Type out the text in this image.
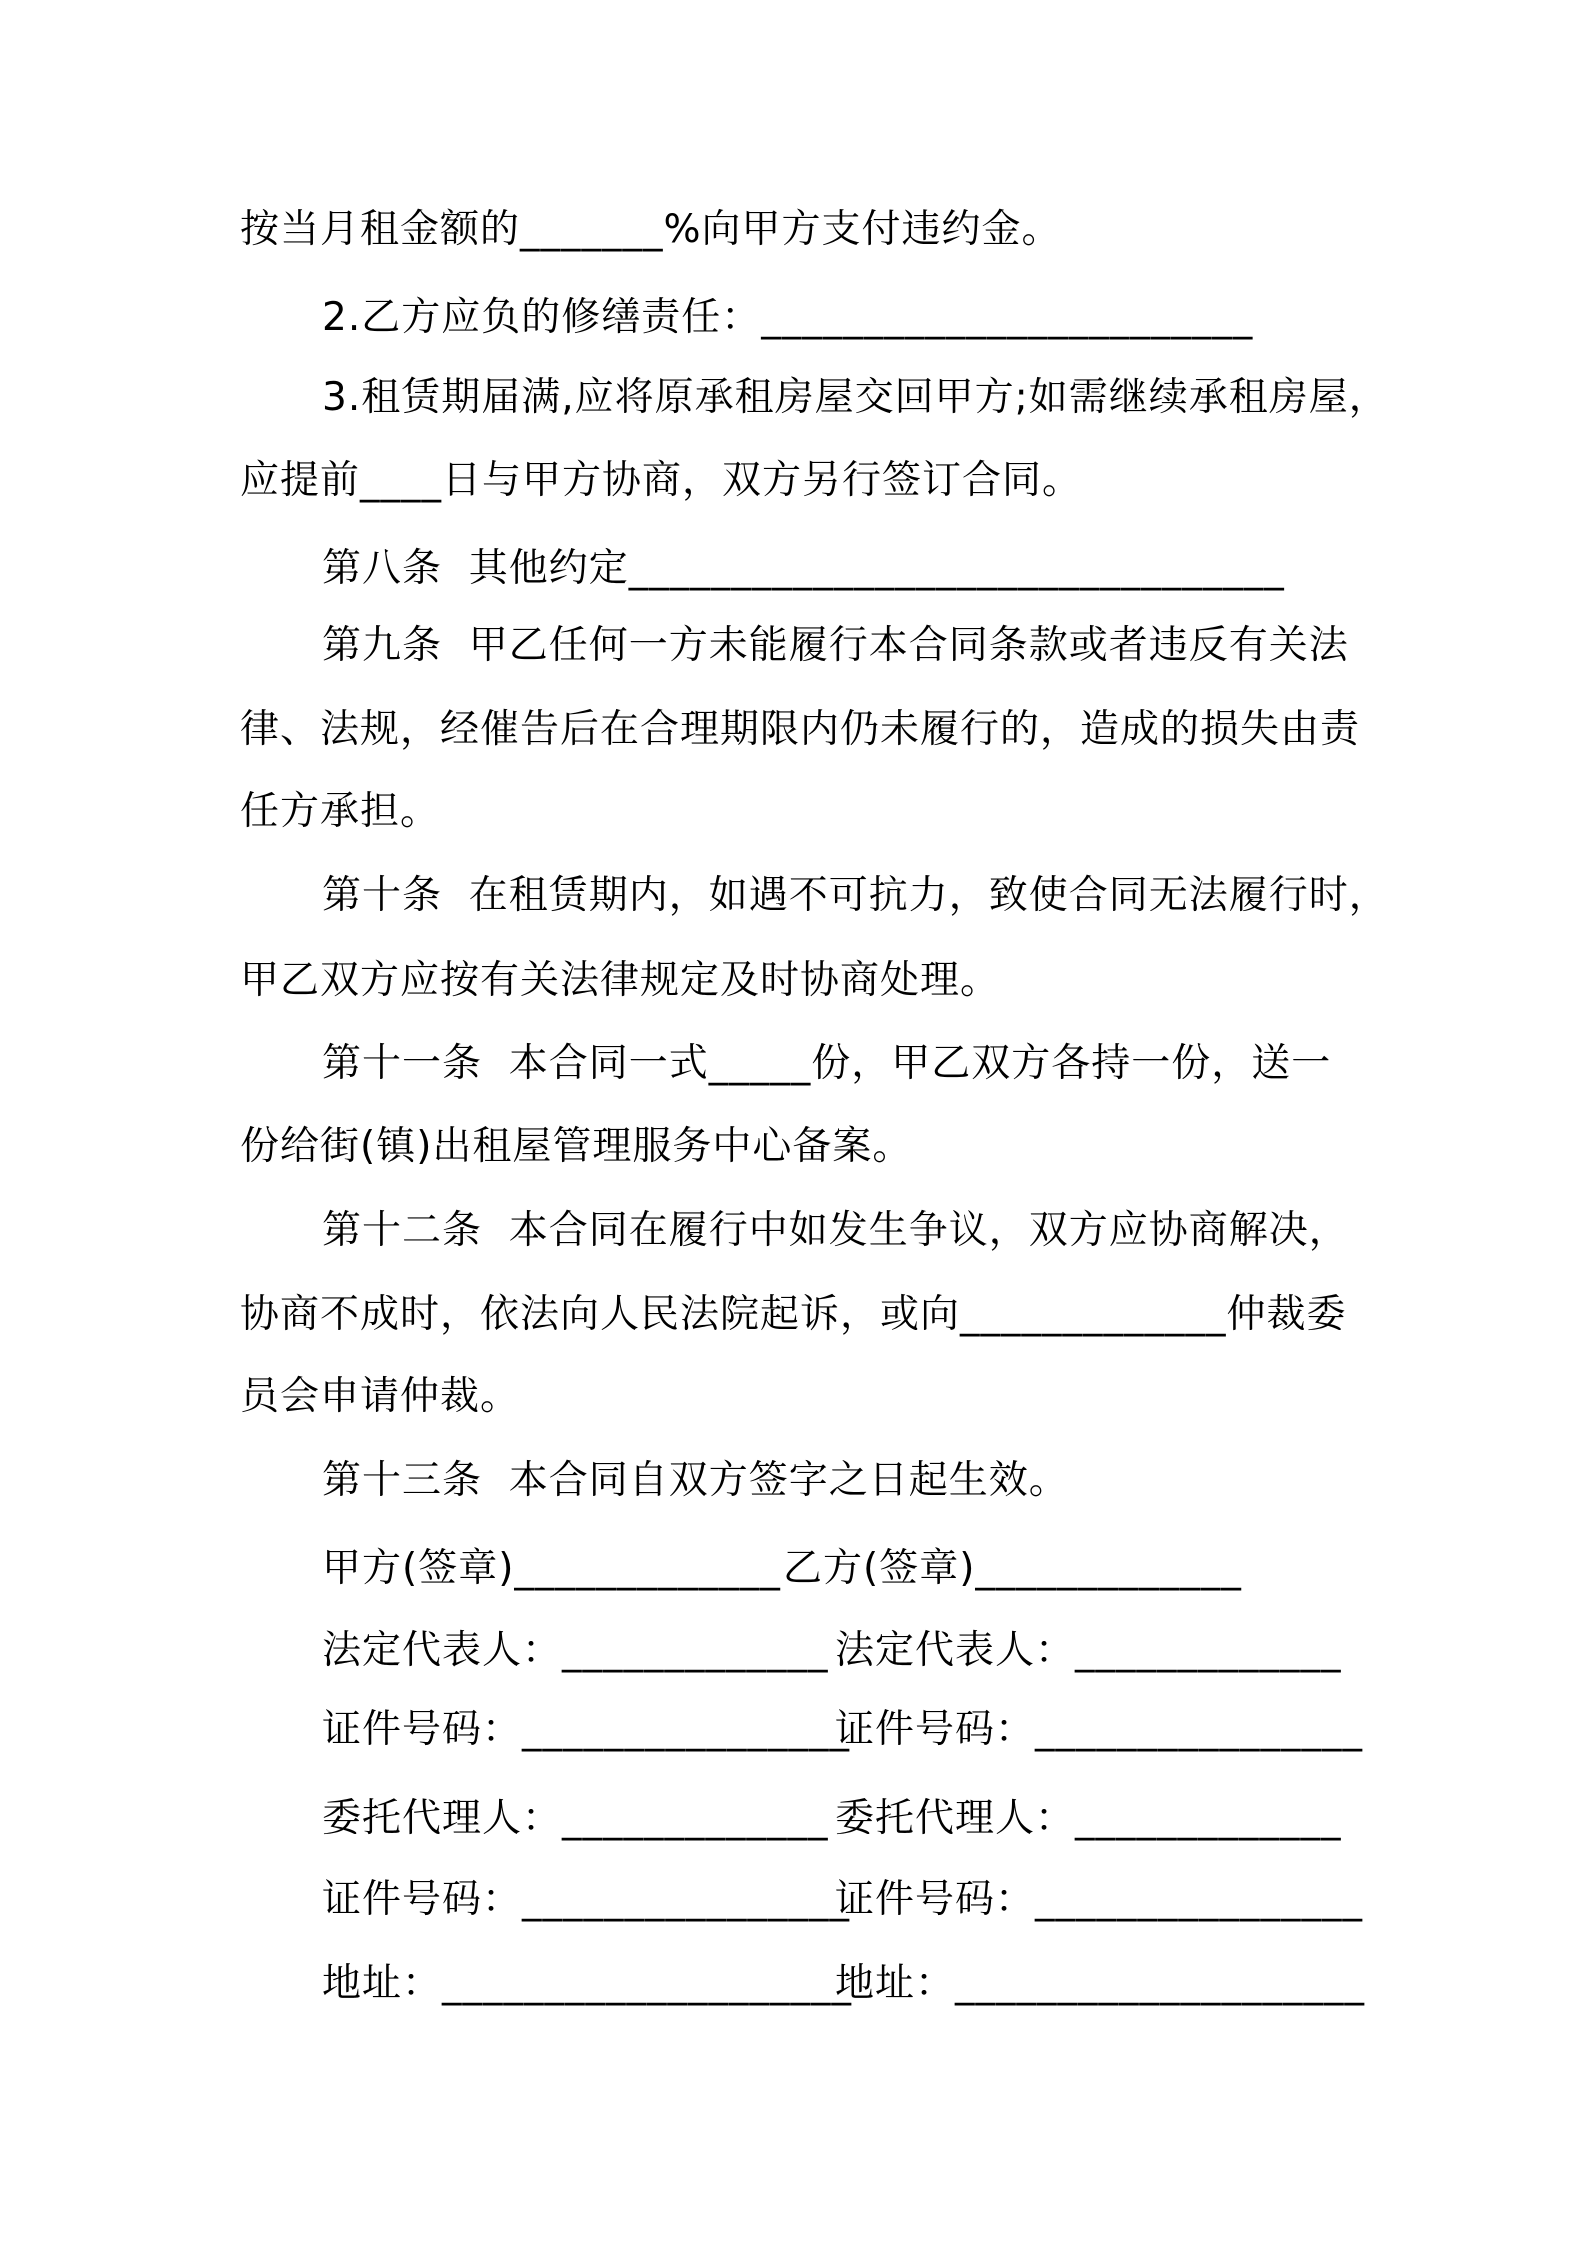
按当月租金额的_______%向甲方支付违约金。
2.乙方应负的修缮责任：________________________
3.租赁期届满,应将原承租房屋交回甲方;如需继续承租房屋，
应提前____日与甲方协商，双方另行签订合同。
第八条  其他约定________________________________
第九条  甲乙任何一方未能履行本合同条款或者违反有关法
律、法规，经催告后在合理期限内仍未履行的，造成的损失由责
任方承担。
第十条  在租赁期内，如遇不可抗力，致使合同无法履行时，
甲乙双方应按有关法律规定及时协商处理。
第十一条  本合同一式_____份，甲乙双方各持一份，送一
份给街(镇)出租屋管理服务中心备案。
第十二条  本合同在履行中如发生争议，双方应协商解决，
协商不成时，依法向人民法院起诉，或向_____________仲裁委
员会申请仲裁。
第十三条  本合同自双方签字之日起生效。
甲方(签章)_____________ 乙方(签章)_____________
法定代表人：_____________ 法定代表人：_____________
证件号码：________________
证件号码：________________
委托代理人：_____________ 委托代理人：_____________
证件号码：________________
证件号码：________________
地址：____________________
地址：____________________
